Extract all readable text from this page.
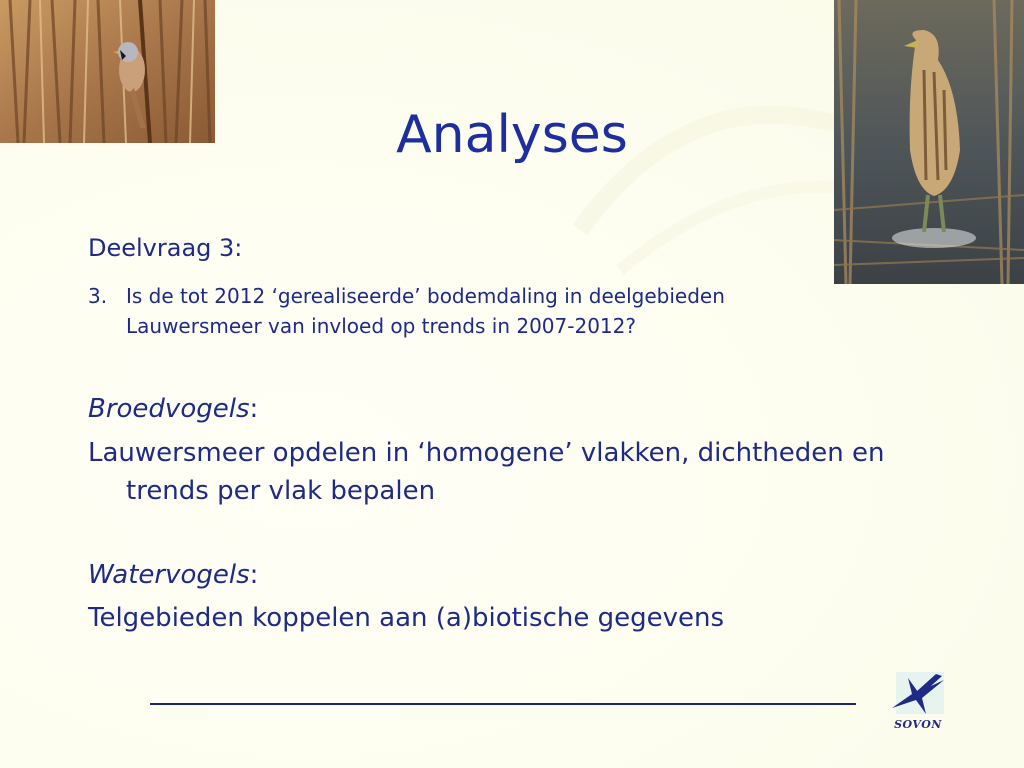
Analyses
Deelvraag 3:
3. Is de tot 2012 ‘gerealiseerde’ bodemdaling in deelgebieden Lauwersmeer van invloed op trends in 2007-2012?
Broedvogels:
Lauwersmeer opdelen in ‘homogene’ vlakken, dichtheden en
trends per vlak bepalen
Watervogels:
Telgebieden koppelen aan (a)biotische gegevens
SOVON
